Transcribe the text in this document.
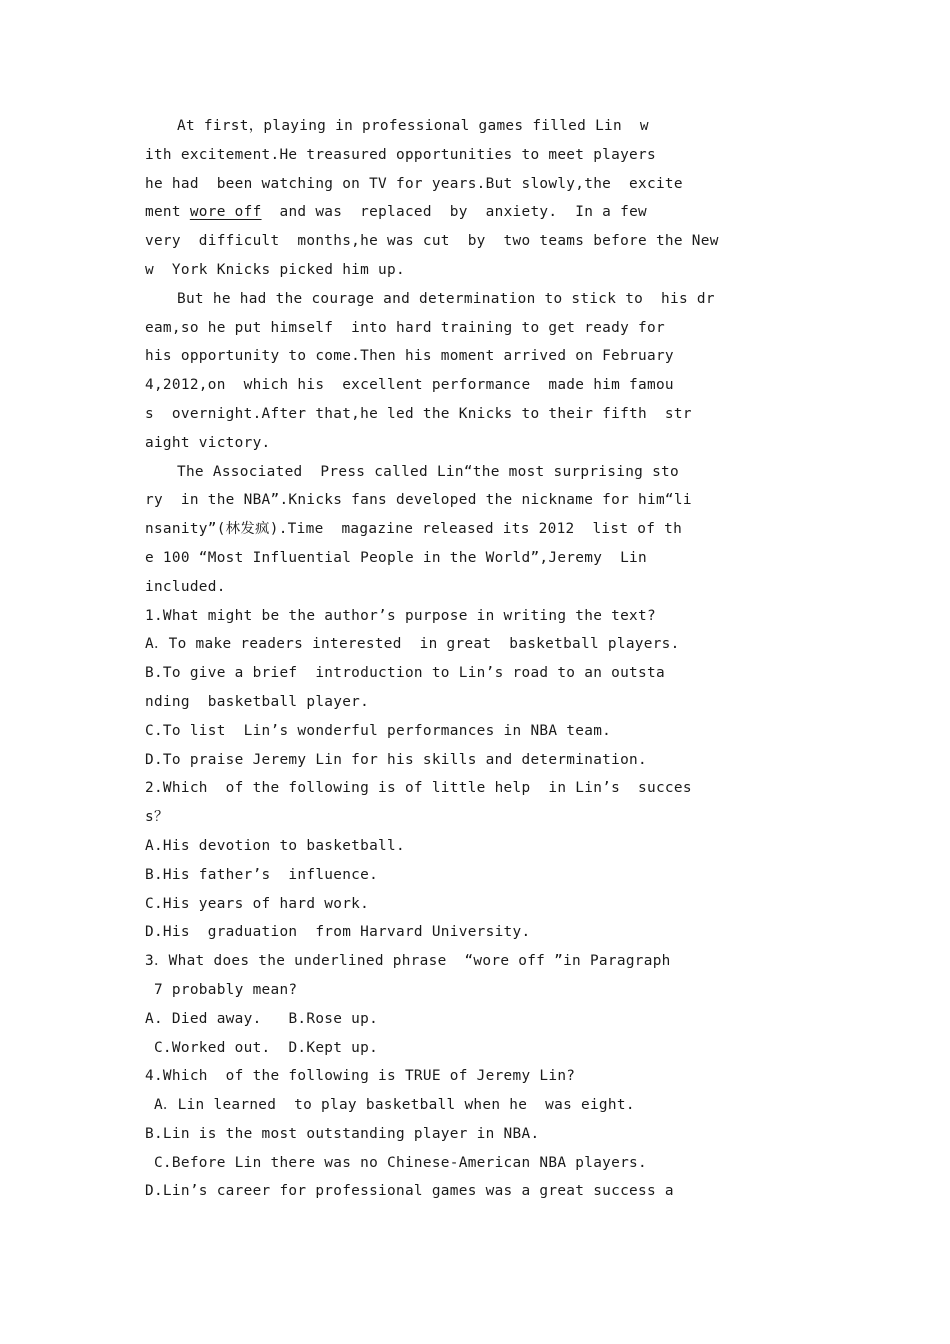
At first，playing in professional games filled Lin  w
ith excitement.He treasured opportunities to meet players
he had  been watching on TV for years.But slowly,the  excite
ment wore off  and was  replaced  by  anxiety.  In a few
very  difficult  months,he was cut  by  two teams before the New
w  York Knicks picked him up.
But he had the courage and determination to stick to  his dr
eam,so he put himself  into hard training to get ready for
his opportunity to come.Then his moment arrived on February
4,2012,on  which his  excellent performance  made him famou
s  overnight.After that,he led the Knicks to their fifth  str
aight victory.
The Associated  Press called Lin“the most surprising sto
ry  in the NBA”.Knicks fans developed the nickname for him“li
nsanity”(林发疯).Time  magazine released its 2012  list of th
e 100 “Most Influential People in the World”,Jeremy  Lin
included.
1.What might be the author’s purpose in writing the text?
A．To make readers interested  in great  basketball players.
B.To give a brief  introduction to Lin’s road to an outsta
nding  basketball player.
C.To list  Lin’s wonderful performances in NBA team.
D.To praise Jeremy Lin for his skills and determination.
2.Which  of the following is of little help  in Lin’s  succes
s？
A.His devotion to basketball.
B.His father’s  influence.
C.His years of hard work.
D.His  graduation  from Harvard University.
3．What does the underlined phrase  “wore off ”in Paragraph
7 probably mean?
A. Died away.	B.Rose up.
C.Worked out.	D.Kept up.
4.Which  of the following is TRUE of Jeremy Lin?
A．Lin learned  to play basketball when he  was eight.
B.Lin is the most outstanding player in NBA.
C.Before Lin there was no Chinese-American NBA players.
D.Lin’s career for professional games was a great success a
